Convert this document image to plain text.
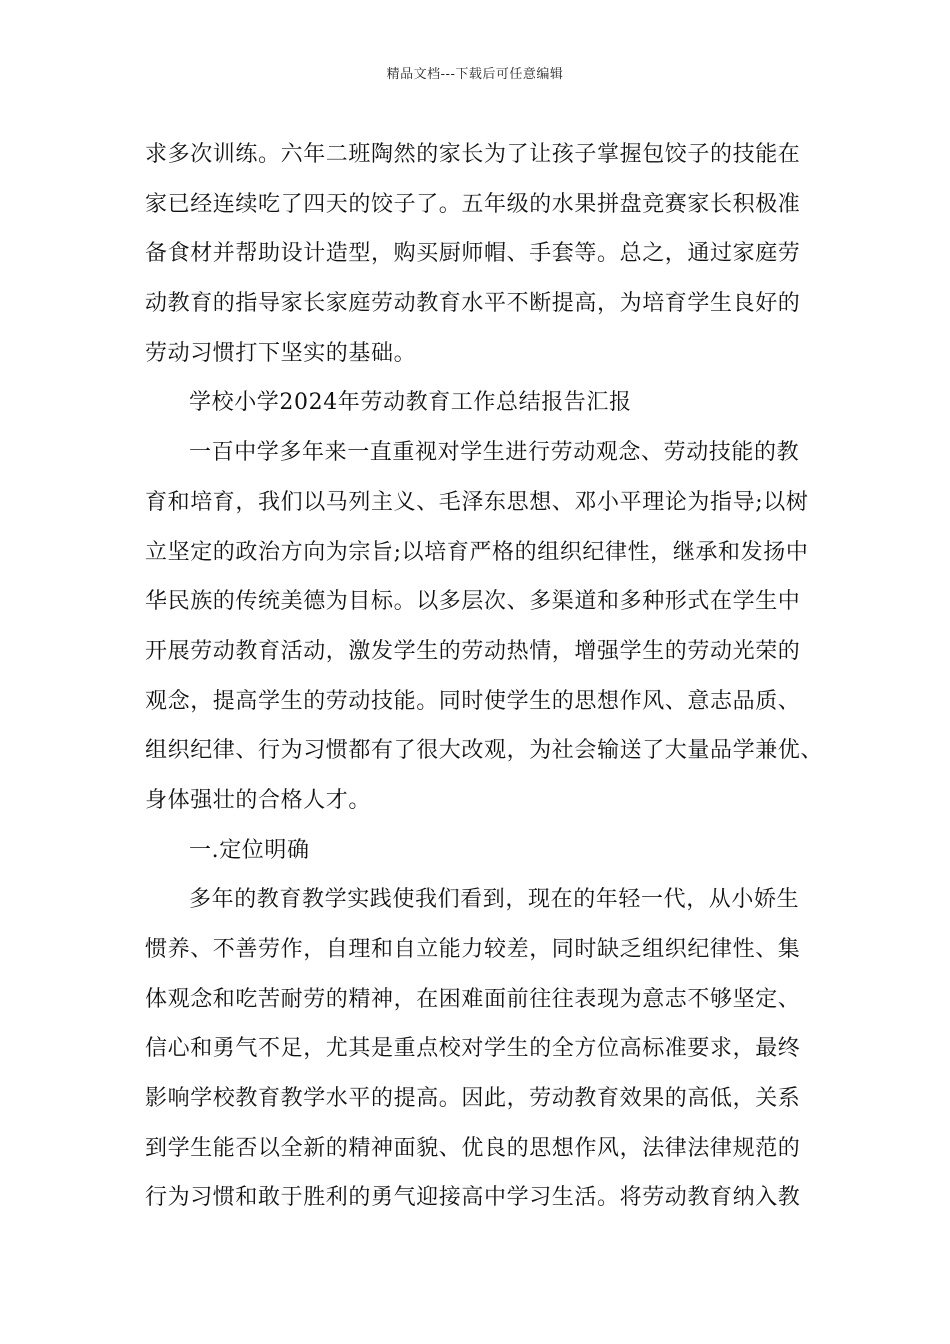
精品文档---下载后可任意编辑
求多次训练。六年二班陶然的家长为了让孩子掌握包饺子的技能在
家已经连续吃了四天的饺子了。五年级的水果拼盘竞赛家长积极准
备食材并帮助设计造型，购买厨师帽、手套等。总之，通过家庭劳
动教育的指导家长家庭劳动教育水平不断提高，为培育学生良好的
劳动习惯打下坚实的基础。
学校小学2024年劳动教育工作总结报告汇报
一百中学多年来一直重视对学生进行劳动观念、劳动技能的教
育和培育，我们以马列主义、毛泽东思想、邓小平理论为指导;以树
立坚定的政治方向为宗旨;以培育严格的组织纪律性，继承和发扬中
华民族的传统美德为目标。以多层次、多渠道和多种形式在学生中
开展劳动教育活动，激发学生的劳动热情，增强学生的劳动光荣的
观念，提高学生的劳动技能。同时使学生的思想作风、意志品质、
组织纪律、行为习惯都有了很大改观，为社会输送了大量品学兼优、
身体强壮的合格人才。
一.定位明确
多年的教育教学实践使我们看到，现在的年轻一代，从小娇生
惯养、不善劳作，自理和自立能力较差，同时缺乏组织纪律性、集
体观念和吃苦耐劳的精神，在困难面前往往表现为意志不够坚定、
信心和勇气不足，尤其是重点校对学生的全方位高标准要求，最终
影响学校教育教学水平的提高。因此，劳动教育效果的高低，关系
到学生能否以全新的精神面貌、优良的思想作风，法律法律规范的
行为习惯和敢于胜利的勇气迎接高中学习生活。将劳动教育纳入教
